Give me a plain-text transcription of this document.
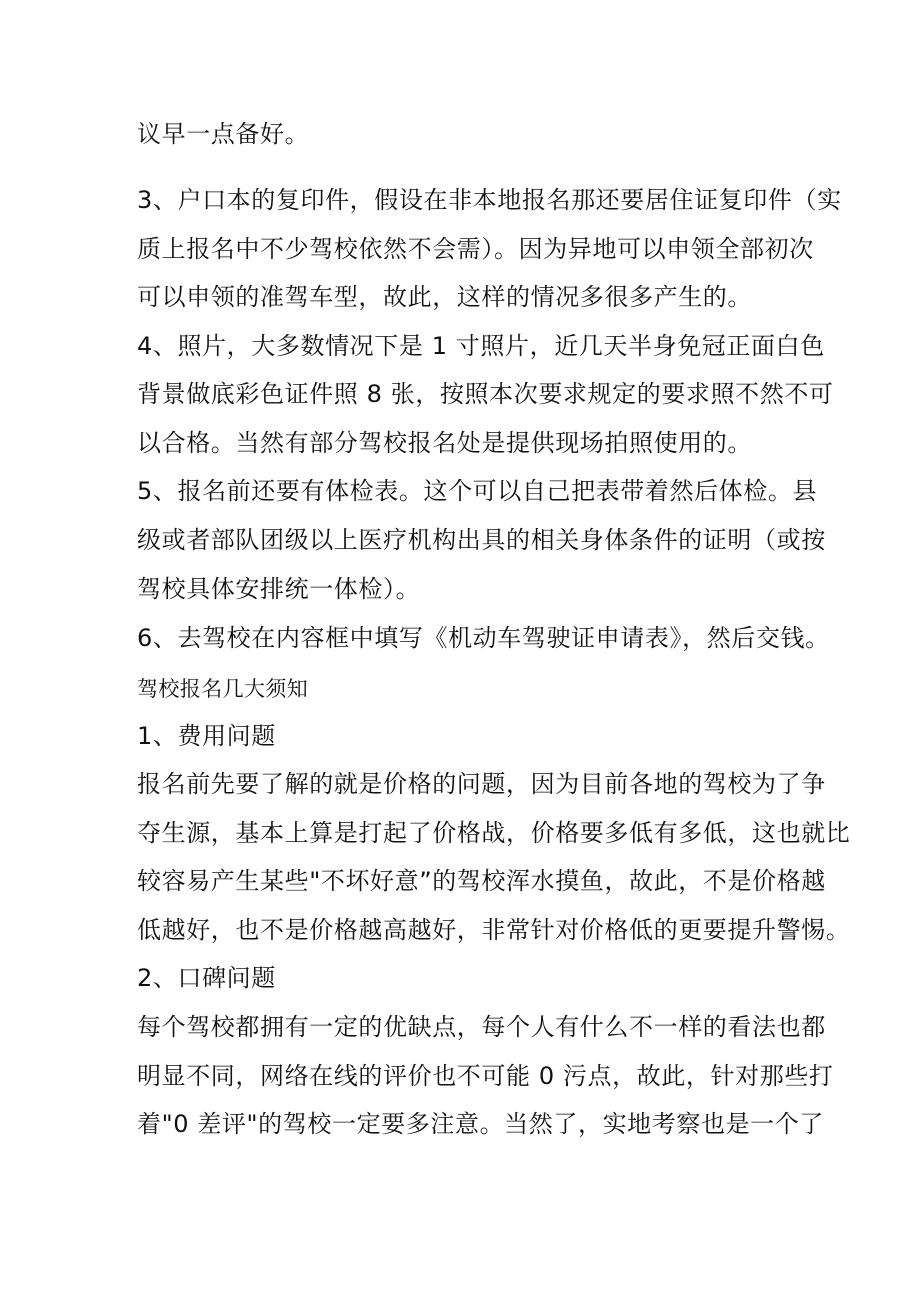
议早一点备好。
3、户口本的复印件，假设在非本地报名那还要居住证复印件（实
质上报名中不少驾校依然不会需）。因为异地可以申领全部初次
可以申领的准驾车型，故此，这样的情况多很多产生的。
4、照片，大多数情况下是 1 寸照片，近几天半身免冠正面白色
背景做底彩色证件照 8 张，按照本次要求规定的要求照不然不可
以合格。当然有部分驾校报名处是提供现场拍照使用的。
5、报名前还要有体检表。这个可以自己把表带着然后体检。县
级或者部队团级以上医疗机构出具的相关身体条件的证明（或按
驾校具体安排统一体检）。
6、去驾校在内容框中填写《机动车驾驶证申请表》，然后交钱。
驾校报名几大须知
1、费用问题
报名前先要了解的就是价格的问题，因为目前各地的驾校为了争
夺生源，基本上算是打起了价格战，价格要多低有多低，这也就比
较容易产生某些"不坏好意”的驾校浑水摸鱼，故此，不是价格越
低越好，也不是价格越高越好，非常针对价格低的更要提升警惕。
2、口碑问题
每个驾校都拥有一定的优缺点，每个人有什么不一样的看法也都
明显不同，网络在线的评价也不可能 0 污点，故此，针对那些打
着"0 差评"的驾校一定要多注意。当然了，实地考察也是一个了
